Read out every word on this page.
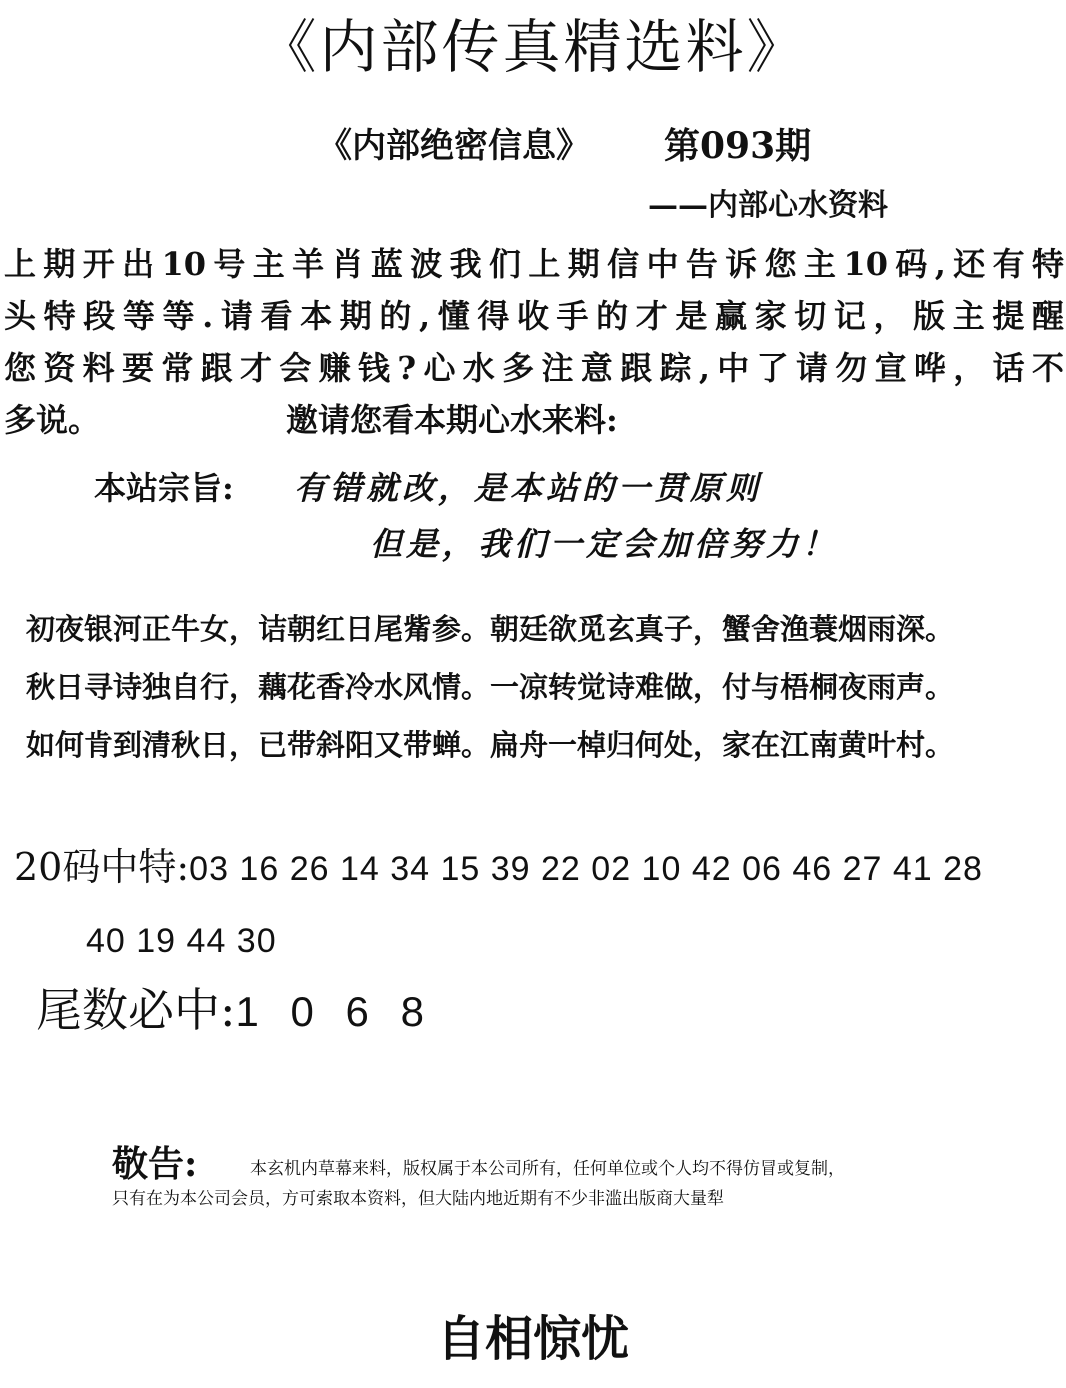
《内部传真精选料》
《内部绝密信息》 第093期
——内部心水资料
上期开出10号主羊肖蓝波我们上期信中告诉您主10码,还有特
头特段等等.请看本期的,懂得收手的才是赢家切记，版主提醒
您资料要常跟才会赚钱?心水多注意跟踪,中了请勿宣哗，话不
多说。	邀请您看本期心水来料:
本站宗旨: 有错就改，是本站的一贯原则
但是，我们一定会加倍努力！
初夜银河正牛女，诘朝红日尾觜参。朝廷欲觅玄真子，蟹舍渔蓑烟雨深。
秋日寻诗独自行，藕花香冷水风情。一凉转觉诗难做，付与梧桐夜雨声。
如何肯到清秋日，已带斜阳又带蝉。扁舟一棹归何处，家在江南黄叶村。
20码中特:03 16 26 14 34 15 39 22 02 10 42 06 46 27 41 28
40 19 44 30
尾数必中:1 0 6 8
敬告:	本玄机内草幕来料，版权属于本公司所有，任何单位或个人均不得仿冒或复制，
只有在为本公司会员，方可索取本资料，但大陆内地近期有不少非滥出版商大量犁
自相惊忧
